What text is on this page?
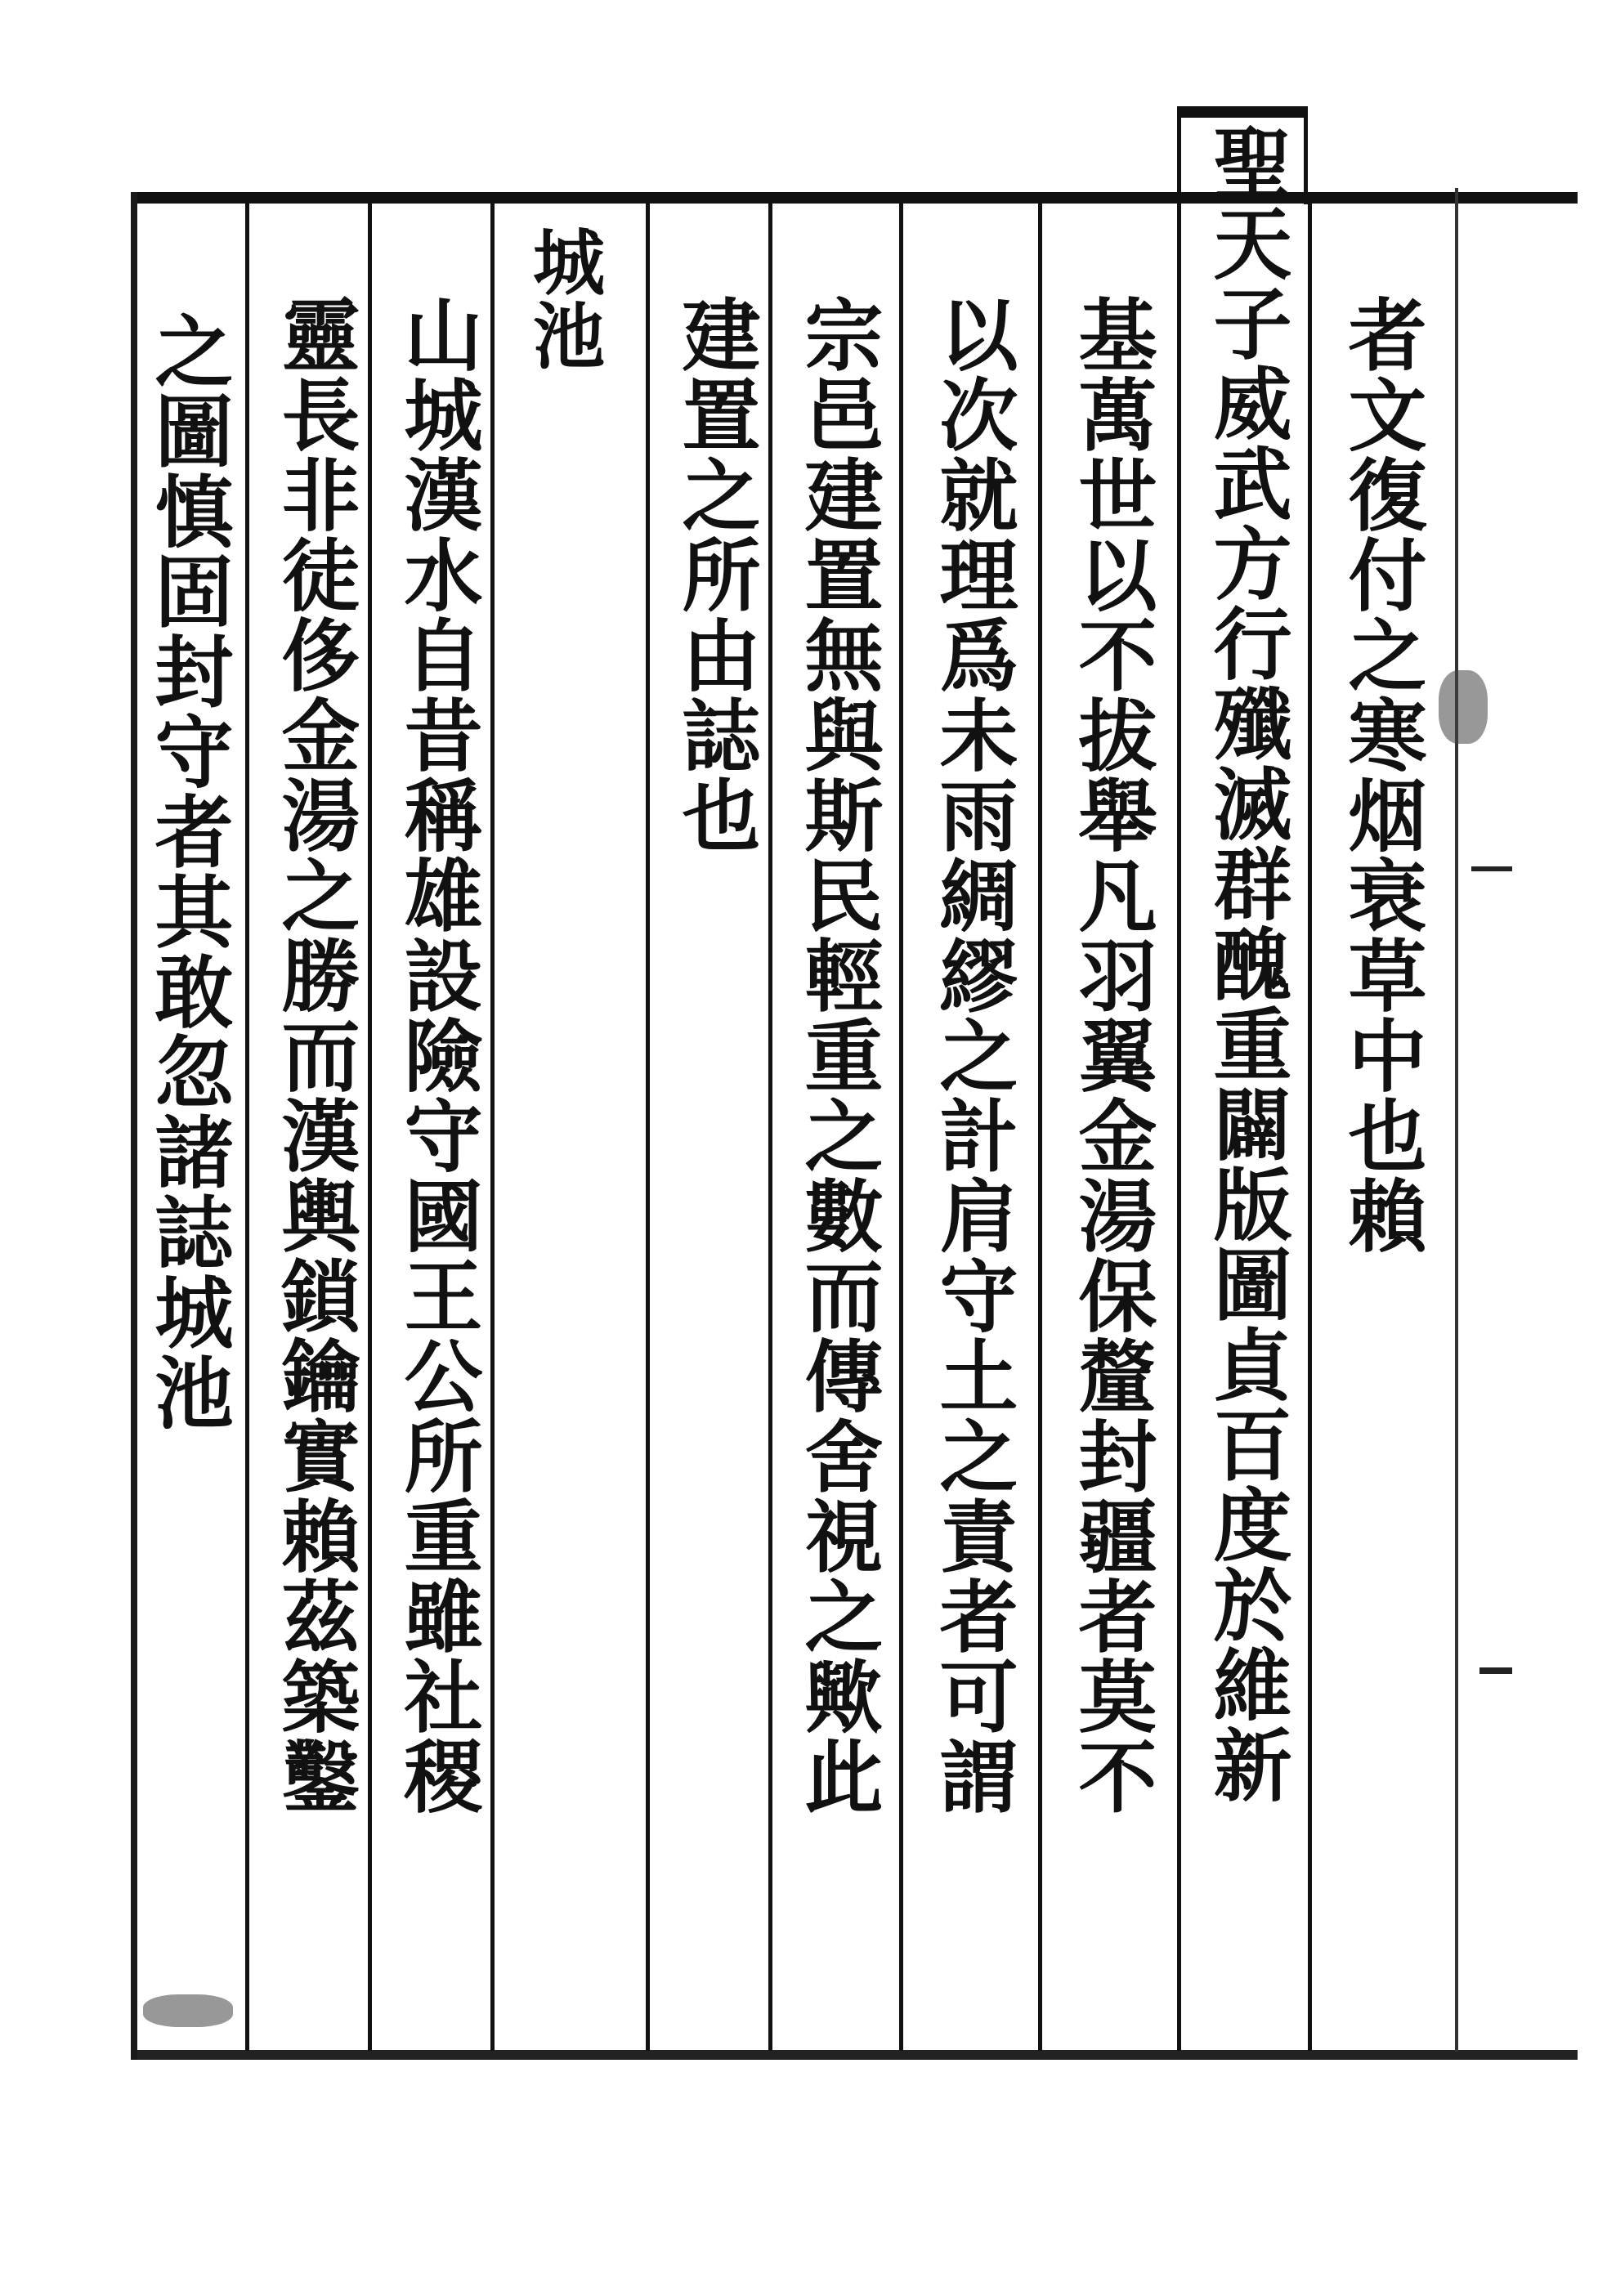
者文復付之寒烟衰草中也賴
聖天子威武方行殲滅群醜重闢版圖貞百度於維新
基萬世以不拔舉凡羽翼金湯保釐封疆者莫不
以次就理爲未雨綢繆之計肩守土之責者可謂
宗邑建置無與斯民輕重之數而傳舍視之歟此
建置之所由誌也
城池
山城漢水自昔稱雄設險守國王公所重雖社稷
靈長非徒侈金湯之勝而漢輿鎖鑰實賴茲築鑿
之圖慎固封守者其敢忽諸誌城池
